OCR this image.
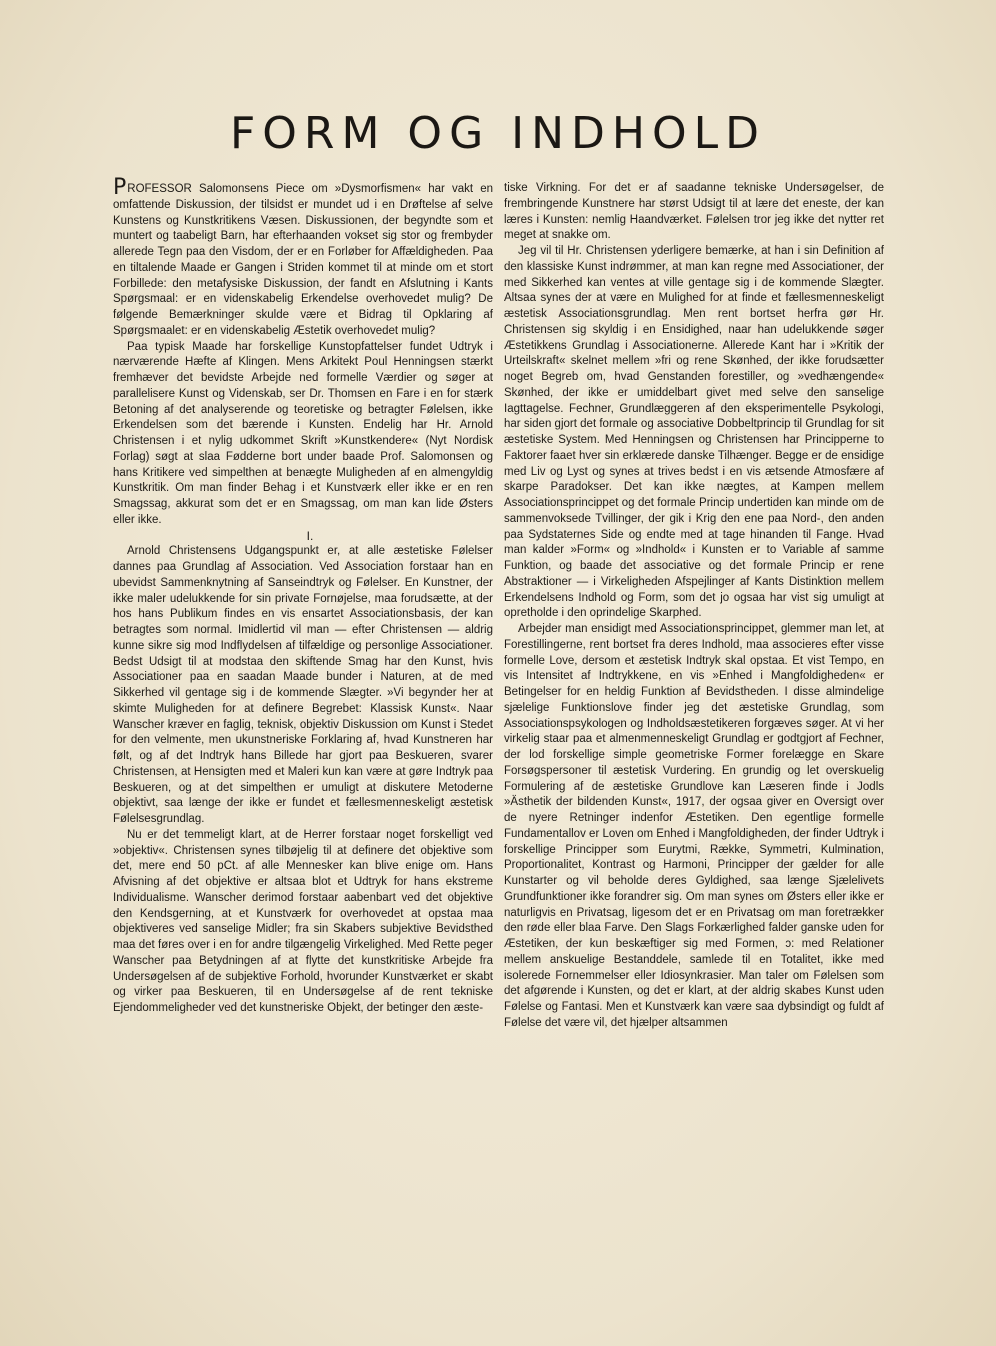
FORM OG INDHOLD

PROFESSOR Salomonsens Piece om »Dysmorfismen« har vakt en omfattende Diskussion, der tilsidst er mundet ud i en Drøftelse af selve Kunstens og Kunstkritikens Væsen. Diskussionen, der begyndte som et muntert og taabeligt Barn, har efterhaanden vokset sig stor og frembyder allerede Tegn paa den Visdom, der er en Forløber for Affældigheden. Paa en tiltalende Maade er Gangen i Striden kommet til at minde om et stort Forbillede: den metafysiske Diskussion, der fandt en Afslutning i Kants Spørgsmaal: er en videnskabelig Erkendelse overhovedet mulig? De følgende Bemærkninger skulde være et Bidrag til Opklaring af Spørgsmaalet: er en videnskabelig Æstetik overhovedet mulig?

Paa typisk Maade har forskellige Kunstopfattelser fundet Udtryk i nærværende Hæfte af Klingen. Mens Arkitekt Poul Henningsen stærkt fremhæver det bevidste Arbejde ned formelle Værdier og søger at parallelisere Kunst og Videnskab, ser Dr. Thomsen en Fare i en for stærk Betoning af det analyserende og teoretiske og betragter Følelsen, ikke Erkendelsen som det bærende i Kunsten. Endelig har Hr. Arnold Christensen i et nylig udkommet Skrift »Kunstkendere« (Nyt Nordisk Forlag) søgt at slaa Fødderne bort under baade Prof. Salomonsen og hans Kritikere ved simpelthen at benægte Muligheden af en almengyldig Kunstkritik. Om man finder Behag i et Kunstværk eller ikke er en ren Smagssag, akkurat som det er en Smagssag, om man kan lide Østers eller ikke.

I.

Arnold Christensens Udgangspunkt er, at alle æstetiske Følelser dannes paa Grundlag af Association. Ved Association forstaar han en ubevidst Sammenknytning af Sanseindtryk og Følelser. En Kunstner, der ikke maler udelukkende for sin private Fornøjelse, maa forudsætte, at der hos hans Publikum findes en vis ensartet Associationsbasis, der kan betragtes som normal. Imidlertid vil man — efter Christensen — aldrig kunne sikre sig mod Indflydelsen af tilfældige og personlige Associationer. Bedst Udsigt til at modstaa den skiftende Smag har den Kunst, hvis Associationer paa en saadan Maade bunder i Naturen, at de med Sikkerhed vil gentage sig i de kommende Slægter. »Vi begynder her at skimte Muligheden for at definere Begrebet: Klassisk Kunst«. Naar Wanscher kræver en faglig, teknisk, objektiv Diskussion om Kunst i Stedet for den velmente, men ukunstneriske Forklaring af, hvad Kunstneren har følt, og af det Indtryk hans Billede har gjort paa Beskueren, svarer Christensen, at Hensigten med et Maleri kun kan være at gøre Indtryk paa Beskueren, og at det simpelthen er umuligt at diskutere Metoderne objektivt, saa længe der ikke er fundet et fællesmenneskeligt æstetisk Følelsesgrundlag.

Nu er det temmeligt klart, at de Herrer forstaar noget forskelligt ved »objektiv«. Christensen synes tilbøjelig til at definere det objektive som det, mere end 50 pCt. af alle Mennesker kan blive enige om. Hans Afvisning af det objektive er altsaa blot et Udtryk for hans ekstreme Individualisme. Wanscher derimod forstaar aabenbart ved det objektive den Kendsgerning, at et Kunstværk for overhovedet at opstaa maa objektiveres ved sanselige Midler; fra sin Skabers subjektive Bevidsthed maa det føres over i en for andre tilgængelig Virkelighed. Med Rette peger Wanscher paa Betydningen af at flytte det kunstkritiske Arbejde fra Undersøgelsen af de subjektive Forhold, hvorunder Kunstværket er skabt og virker paa Beskueren, til en Undersøgelse af de rent tekniske Ejendommeligheder ved det kunstneriske Objekt, der betinger den æste-

tiske Virkning. For det er af saadanne tekniske Undersøgelser, de frembringende Kunstnere har størst Udsigt til at lære det eneste, der kan læres i Kunsten: nemlig Haandværket. Følelsen tror jeg ikke det nytter ret meget at snakke om.

Jeg vil til Hr. Christensen yderligere bemærke, at han i sin Definition af den klassiske Kunst indrømmer, at man kan regne med Associationer, der med Sikkerhed kan ventes at ville gentage sig i de kommende Slægter. Altsaa synes der at være en Mulighed for at finde et fællesmenneskeligt æstetisk Associationsgrundlag. Men rent bortset herfra gør Hr. Christensen sig skyldig i en Ensidighed, naar han udelukkende søger Æstetikkens Grundlag i Associationerne. Allerede Kant har i »Kritik der Urteilskraft« skelnet mellem »fri og rene Skønhed, der ikke forudsætter noget Begreb om, hvad Genstanden forestiller, og »vedhængende« Skønhed, der ikke er umiddelbart givet med selve den sanselige Iagttagelse. Fechner, Grundlæggeren af den eksperimentelle Psykologi, har siden gjort det formale og associative Dobbeltprincip til Grundlag for sit æstetiske System. Med Henningsen og Christensen har Principperne to Faktorer faaet hver sin erklærede danske Tilhænger. Begge er de ensidige med Liv og Lyst og synes at trives bedst i en vis ætsende Atmosfære af skarpe Paradokser. Det kan ikke nægtes, at Kampen mellem Associationsprincippet og det formale Princip undertiden kan minde om de sammenvoksede Tvillinger, der gik i Krig den ene paa Nord-, den anden paa Sydstaternes Side og endte med at tage hinanden til Fange. Hvad man kalder »Form« og »Indhold« i Kunsten er to Variable af samme Funktion, og baade det associative og det formale Princip er rene Abstraktioner — i Virkeligheden Afspejlinger af Kants Distinktion mellem Erkendelsens Indhold og Form, som det jo ogsaa har vist sig umuligt at opretholde i den oprindelige Skarphed.

Arbejder man ensidigt med Associationsprincippet, glemmer man let, at Forestillingerne, rent bortset fra deres Indhold, maa associeres efter visse formelle Love, dersom et æstetisk Indtryk skal opstaa. Et vist Tempo, en vis Intensitet af Indtrykkene, en vis »Enhed i Mangfoldigheden« er Betingelser for en heldig Funktion af Bevidstheden. I disse almindelige sjælelige Funktionslove finder jeg det æstetiske Grundlag, som Associationspsykologen og Indholdsæstetikeren forgæves søger. At vi her virkelig staar paa et almenmenneskeligt Grundlag er godtgjort af Fechner, der lod forskellige simple geometriske Former forelægge en Skare Forsøgspersoner til æstetisk Vurdering. En grundig og let overskuelig Formulering af de æstetiske Grundlove kan Læseren finde i Jodls »Ästhetik der bildenden Kunst«, 1917, der ogsaa giver en Oversigt over de nyere Retninger indenfor Æstetiken. Den egentlige formelle Fundamentallov er Loven om Enhed i Mangfoldigheden, der finder Udtryk i forskellige Principper som Eurytmi, Række, Symmetri, Kulmination, Proportionalitet, Kontrast og Harmoni, Principper der gælder for alle Kunstarter og vil beholde deres Gyldighed, saa længe Sjælelivets Grundfunktioner ikke forandrer sig. Om man synes om Østers eller ikke er naturligvis en Privatsag, ligesom det er en Privatsag om man foretrækker den røde eller blaa Farve. Den Slags Forkærlighed falder ganske uden for Æstetiken, der kun beskæftiger sig med Formen, ɔ: med Relationer mellem anskuelige Bestanddele, samlede til en Totalitet, ikke med isolerede Fornemmelser eller Idiosynkrasier. Man taler om Følelsen som det afgørende i Kunsten, og det er klart, at der aldrig skabes Kunst uden Følelse og Fantasi. Men et Kunstværk kan være saa dybsindigt og fuldt af Følelse det være vil, det hjælper altsammen
